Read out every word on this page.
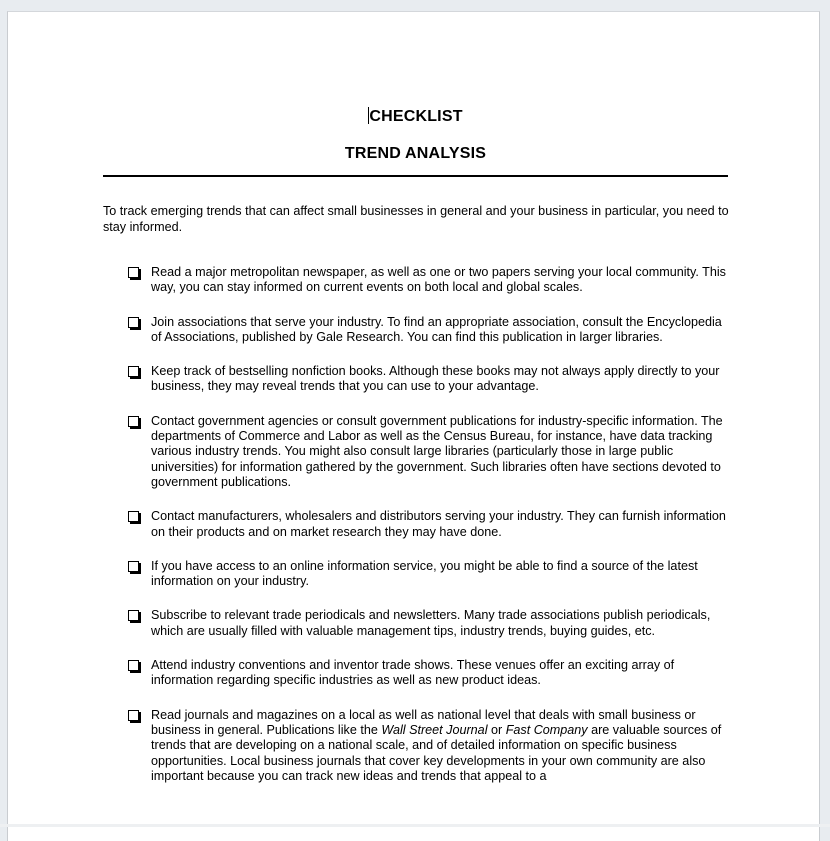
CHECKLIST
TREND ANALYSIS
To track emerging trends that can affect small businesses in general and your business in particular, you need to stay informed.
Read a major metropolitan newspaper, as well as one or two papers serving your local community. This way, you can stay informed on current events on both local and global scales.
Join associations that serve your industry. To find an appropriate association, consult the Encyclopedia of Associations, published by Gale Research. You can find this publication in larger libraries.
Keep track of bestselling nonfiction books. Although these books may not always apply directly to your business, they may reveal trends that you can use to your advantage.
Contact government agencies or consult government publications for industry-specific information. The departments of Commerce and Labor as well as the Census Bureau, for instance, have data tracking various industry trends. You might also consult large libraries (particularly those in large public universities) for information gathered by the government. Such libraries often have sections devoted to government publications.
Contact manufacturers, wholesalers and distributors serving your industry. They can furnish information on their products and on market research they may have done.
If you have access to an online information service, you might be able to find a source of the latest information on your industry.
Subscribe to relevant trade periodicals and newsletters. Many trade associations publish periodicals, which are usually filled with valuable management tips, industry trends, buying guides, etc.
Attend industry conventions and inventor trade shows. These venues offer an exciting array of information regarding specific industries as well as new product ideas.
Read journals and magazines on a local as well as national level that deals with small business or business in general. Publications like the Wall Street Journal or Fast Company are valuable sources of trends that are developing on a national scale, and of detailed information on specific business opportunities. Local business journals that cover key developments in your own community are also important because you can track new ideas and trends that appeal to a
